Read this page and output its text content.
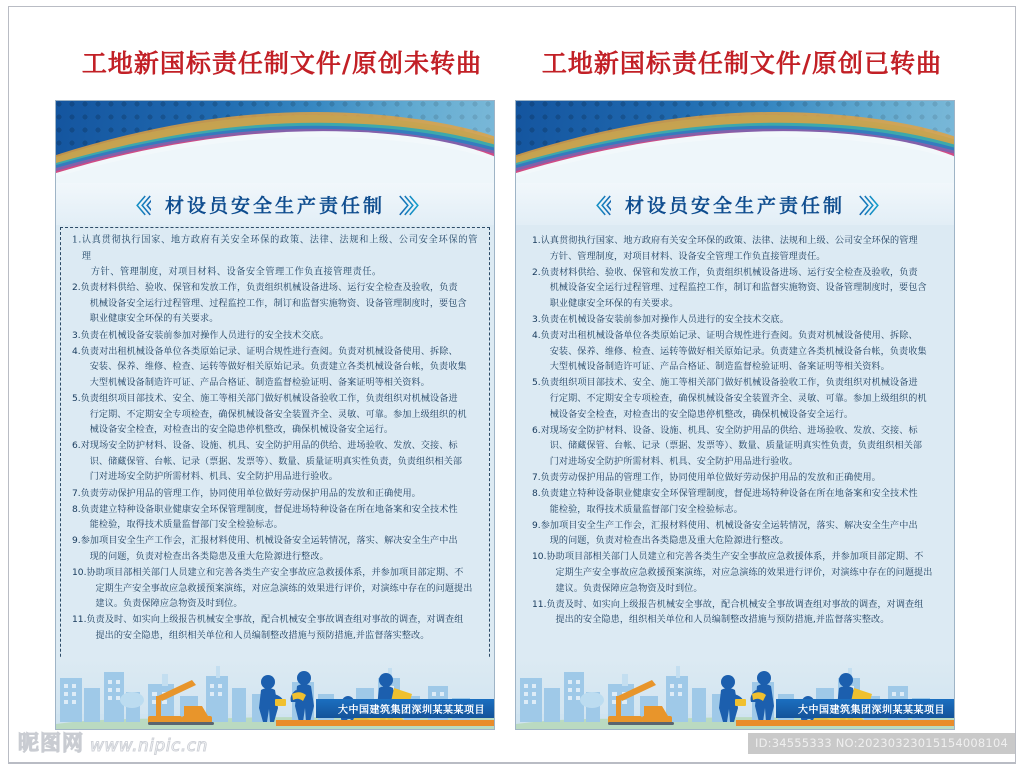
工地新国标责任制文件/原创未转曲	工地新国标责任制文件/原创已转曲
〈〈〈 材设员安全生产责任制 〉〉〉
1. 认真贯彻执行国家、地方政府有关安全环保的政策、法律、法规和上级、公司安全环保的管理
方针、管理制度，对项目材料、设备安全管理工作负直接管理责任。
2. 负责材料供给、验收、保管和发放工作，负责组织机械设备进场、运行安全检查及验收，负责
机械设备安全运行过程管理、过程监控工作，制订和监督实施物资、设备管理制度时，要包含
职业健康安全环保的有关要求。
3. 负责在机械设备安装前参加对操作人员进行的安全技术交底。
4. 负责对出租机械设备单位各类原始记录、证明合规性进行查阅。负责对机械设备使用、拆除、
安装、保养、维修、检查、运转等做好相关原始记录。负责建立各类机械设备台帐，负责收集
大型机械设备制造许可证、产品合格证、制造监督检验证明、备案证明等相关资料。
5. 负责组织项目部技术、安全、施工等相关部门做好机械设备验收工作，负责组织对机械设备进
行定期、不定期安全专项检查，确保机械设备安全装置齐全、灵敏、可靠。参加上级组织的机
械设备安全检查，对检查出的安全隐患停机整改，确保机械设备安全运行。
6. 对现场安全防护材料、设备、设施、机具、安全防护用品的供给、进场验收、发放、交接、标
识、储藏保管、台帐、记录（票据、发票等）、数量、质量证明真实性负责，负责组织相关部
门对进场安全防护所需材料、机具、安全防护用品进行验收。
7. 负责劳动保护用品的管理工作，协同使用单位做好劳动保护用品的发放和正确使用。
8. 负责建立特种设备职业健康安全环保管理制度，督促进场特种设备在所在地备案和安全技术性
能检验，取得技术质量监督部门安全检验标志。
9. 参加项目安全生产工作会，汇报材料使用、机械设备安全运转情况，落实、解决安全生产中出
现的问题，负责对检查出各类隐患及重大危险源进行整改。
10. 协助项目部相关部门人员建立和完善各类生产安全事故应急救援体系，并参加项目部定期、不
定期生产安全事故应急救援预案演练，对应急演练的效果进行评价，对演练中存在的问题提出
建议。负责保障应急物资及时到位。
11. 负责及时、如实向上级报告机械安全事故，配合机械安全事故调查组对事故的调查，对调查组
提出的安全隐患，组织相关单位和人员编制整改措施与预防措施,并监督落实整改。
大中国建筑集团深圳某某某项目
〈〈〈 材设员安全生产责任制 〉〉〉
1. 认真贯彻执行国家、地方政府有关安全环保的政策、法律、法规和上级、公司安全环保的管理
方针、管理制度，对项目材料、设备安全管理工作负直接管理责任。
2. 负责材料供给、验收、保管和发放工作，负责组织机械设备进场、运行安全检查及验收，负责
机械设备安全运行过程管理、过程监控工作，制订和监督实施物资、设备管理制度时，要包含
职业健康安全环保的有关要求。
3. 负责在机械设备安装前参加对操作人员进行的安全技术交底。
4. 负责对出租机械设备单位各类原始记录、证明合规性进行查阅。负责对机械设备使用、拆除、
安装、保养、维修、检查、运转等做好相关原始记录。负责建立各类机械设备台帐，负责收集
大型机械设备制造许可证、产品合格证、制造监督检验证明、备案证明等相关资料。
5. 负责组织项目部技术、安全、施工等相关部门做好机械设备验收工作，负责组织对机械设备进
行定期、不定期安全专项检查，确保机械设备安全装置齐全、灵敏、可靠。参加上级组织的机
械设备安全检查，对检查出的安全隐患停机整改，确保机械设备安全运行。
6. 对现场安全防护材料、设备、设施、机具、安全防护用品的供给、进场验收、发放、交接、标
识、储藏保管、台帐、记录（票据、发票等）、数量、质量证明真实性负责，负责组织相关部
门对进场安全防护所需材料、机具、安全防护用品进行验收。
7. 负责劳动保护用品的管理工作，协同使用单位做好劳动保护用品的发放和正确使用。
8. 负责建立特种设备职业健康安全环保管理制度，督促进场特种设备在所在地备案和安全技术性
能检验，取得技术质量监督部门安全检验标志。
9. 参加项目安全生产工作会，汇报材料使用、机械设备安全运转情况，落实、解决安全生产中出
现的问题，负责对检查出各类隐患及重大危险源进行整改。
10. 协助项目部相关部门人员建立和完善各类生产安全事故应急救援体系，并参加项目部定期、不
定期生产安全事故应急救援预案演练，对应急演练的效果进行评价，对演练中存在的问题提出
建议。负责保障应急物资及时到位。
11. 负责及时、如实向上级报告机械安全事故，配合机械安全事故调查组对事故的调查，对调查组
提出的安全隐患，组织相关单位和人员编制整改措施与预防措施,并监督落实整改。
大中国建筑集团深圳某某某项目
昵图网 www.nipic.cn	ID:34555333 NO:20230323015154008104
